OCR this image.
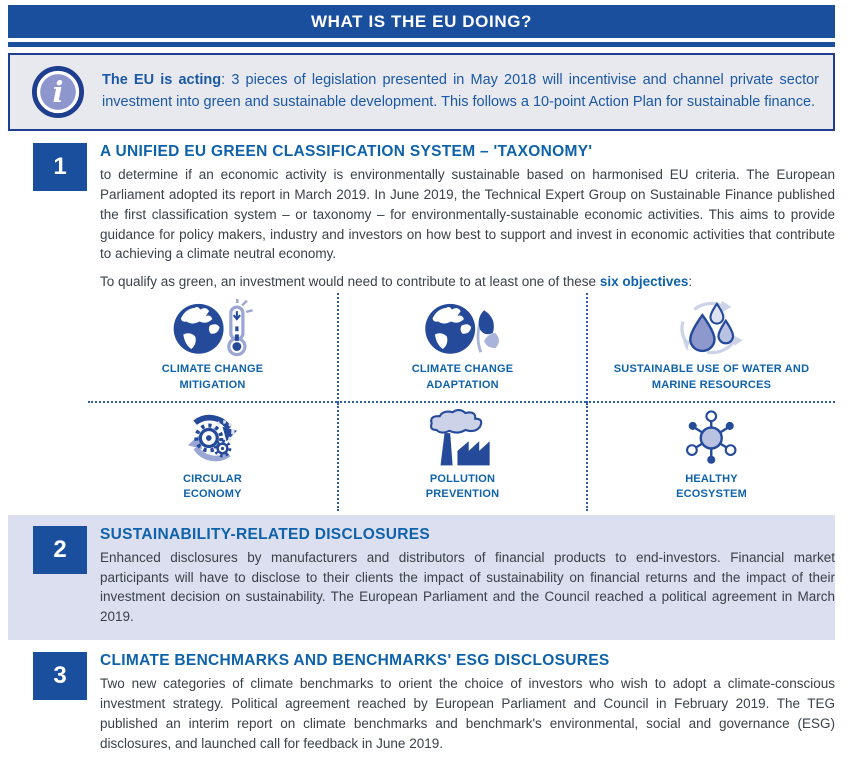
WHAT IS THE EU DOING?
i	The EU is acting: 3 pieces of legislation presented in May 2018 will incentivise and channel private sector investment into green and sustainable development. This follows a 10-point Action Plan for sustainable finance.
1
A UNIFIED EU GREEN CLASSIFICATION SYSTEM – 'TAXONOMY'
to determine if an economic activity is environmentally sustainable based on harmonised EU criteria. The European Parliament adopted its report in March 2019. In June 2019, the Technical Expert Group on Sustainable Finance published the first classification system – or taxonomy – for environmentally-sustainable economic activities. This aims to provide guidance for policy makers, industry and investors on how best to support and invest in economic activities that contribute to achieving a climate neutral economy.
To qualify as green, an investment would need to contribute to at least one of these six objectives:
CLIMATE CHANGE
MITIGATION
CLIMATE CHANGE
ADAPTATION
SUSTAINABLE USE OF WATER AND
MARINE RESOURCES
CIRCULAR
ECONOMY
POLLUTION
PREVENTION
HEALTHY
ECOSYSTEM
2
SUSTAINABILITY-RELATED DISCLOSURES
Enhanced disclosures by manufacturers and distributors of financial products to end-investors. Financial market participants will have to disclose to their clients the impact of sustainability on financial returns and the impact of their investment decision on sustainability. The European Parliament and the Council reached a political agreement in March 2019.
3
CLIMATE BENCHMARKS AND BENCHMARKS' ESG DISCLOSURES
Two new categories of climate benchmarks to orient the choice of investors who wish to adopt a climate-conscious investment strategy. Political agreement reached by European Parliament and Council in February 2019. The TEG published an interim report on climate benchmarks and benchmark's environmental, social and governance (ESG) disclosures, and launched call for feedback in June 2019.
